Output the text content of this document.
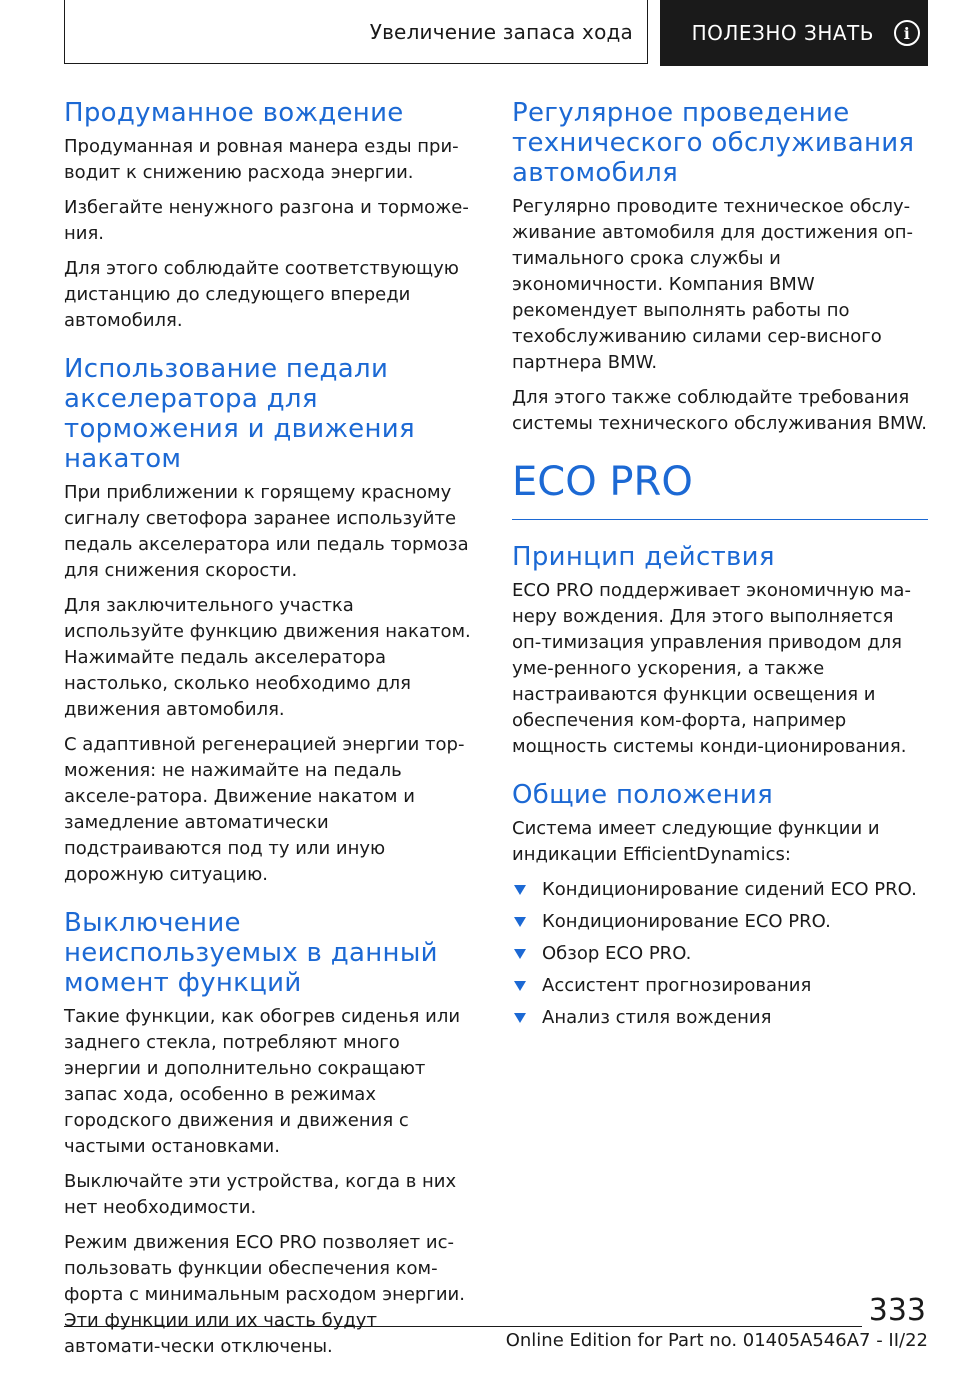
Увеличение запаса хода	ПОЛЕЗНО ЗНАТЬ	i
Продуманное вождение

Продуманная и ровная манера езды при-водит к снижению расхода энергии.

Избегайте ненужного разгона и торможе-ния.

Для этого соблюдайте соответствующую дистанцию до следующего впереди автомобиля.

Использование педали акселератора для торможения и движения накатом

При приближении к горящему красному сигналу светофора заранее используйте педаль акселератора или педаль тормоза для снижения скорости.

Для заключительного участка используйте функцию движения накатом. Нажимайте педаль акселератора настолько, сколько необходимо для движения автомобиля.

С адаптивной регенерацией энергии тор-можения: не нажимайте на педаль акселе-ратора. Движение накатом и замедление автоматически подстраиваются под ту или иную дорожную ситуацию.

Выключение неиспользуемых в данный момент функций

Такие функции, как обогрев сиденья или заднего стекла, потребляют много энергии и дополнительно сокращают запас хода, особенно в режимах городского движения и движения с частыми остановками.

Выключайте эти устройства, когда в них нет необходимости.

Режим движения ECO PRO позволяет ис-пользовать функции обеспечения ком-форта с минимальным расходом энергии. Эти функции или их часть будут автомати-чески отключены.

Регулярное проведение технического обслуживания автомобиля

Регулярно проводите техническое обслу-живание автомобиля для достижения оп-тимального срока службы и экономичности. Компания BMW рекомендует выполнять работы по техобслуживанию силами сер-висного партнера BMW.

Для этого также соблюдайте требования системы технического обслуживания BMW.

ECO PRO
Принцип действия

ECO PRO поддерживает экономичную ма-неру вождения. Для этого выполняется оп-тимизация управления приводом для уме-ренного ускорения, а также настраиваются функции освещения и обеспечения ком-форта, например мощность системы конди-ционирования.

Общие положения

Система имеет следующие функции и индикации EfficientDynamics:

Кондиционирование сидений ECO PRO.
Кондиционирование ECO PRO.
Обзор ECO PRO.
Ассистент прогнозирования
Анализ стиля вождения
333
Online Edition for Part no. 01405A546A7 - II/22
